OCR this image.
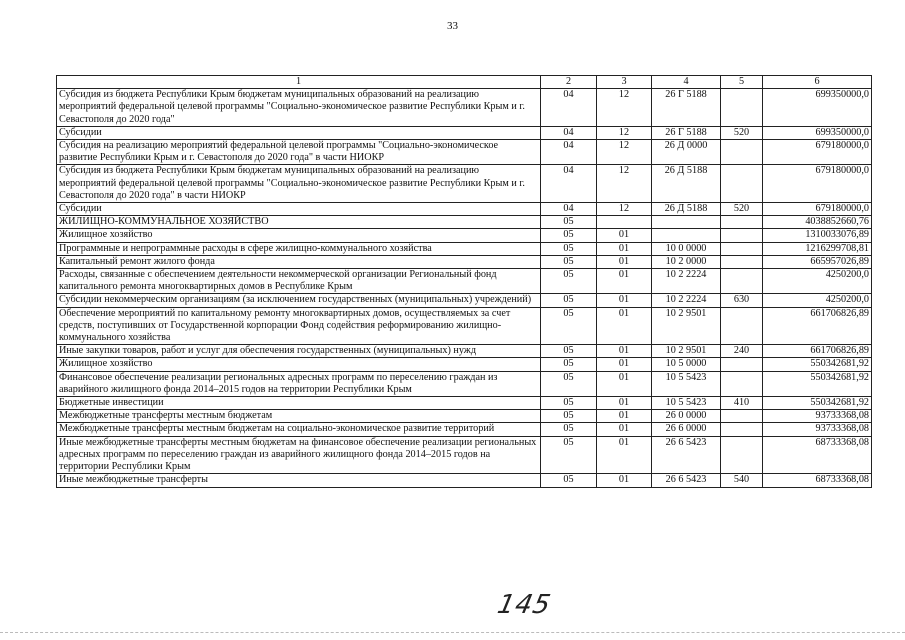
33
1	2	3	4	5	6
Субсидия из бюджета Республики Крым бюджетам муниципальных образований на реализацию мероприятий федеральной целевой программы "Социально-экономическое развитие Республики Крым и г. Севастополя до 2020 года"	04	12	26 Г 5188		699350000,0
Субсидии	04	12	26 Г 5188	520	699350000,0
Субсидия на реализацию мероприятий федеральной целевой программы "Социально-экономическое развитие Республики Крым и г. Севастополя до 2020 года" в части НИОКР	04	12	26 Д 0000		679180000,0
Субсидия из бюджета Республики Крым бюджетам муниципальных образований на реализацию мероприятий федеральной целевой программы "Социально-экономическое развитие Республики Крым и г. Севастополя до 2020 года" в части НИОКР	04	12	26 Д 5188		679180000,0
Субсидии	04	12	26 Д 5188	520	679180000,0
ЖИЛИЩНО-КОММУНАЛЬНОЕ ХОЗЯЙСТВО	05				4038852660,76
Жилищное хозяйство	05	01			1310033076,89
Программные и непрограммные расходы в сфере жилищно-коммунального хозяйства	05	01	10 0 0000		1216299708,81
Капитальный ремонт жилого фонда	05	01	10 2 0000		665957026,89
Расходы, связанные с обеспечением деятельности некоммерческой организации Региональный фонд капитального ремонта многоквартирных домов в Республике Крым	05	01	10 2 2224		4250200,0
Субсидии некоммерческим организациям (за исключением государственных (муниципальных) учреждений)	05	01	10 2 2224	630	4250200,0
Обеспечение мероприятий по капитальному ремонту многоквартирных домов, осуществляемых за счет средств, поступивших от Государственной корпорации Фонд содействия реформированию жилищно-коммунального хозяйства	05	01	10 2 9501		661706826,89
Иные закупки товаров, работ и услуг для обеспечения государственных (муниципальных) нужд	05	01	10 2 9501	240	661706826,89
Жилищное хозяйство	05	01	10 5 0000		550342681,92
Финансовое обеспечение реализации региональных адресных программ по переселению граждан из аварийного жилищного фонда 2014–2015 годов на территории Республики Крым	05	01	10 5 5423		550342681,92
Бюджетные инвестиции	05	01	10 5 5423	410	550342681,92
Межбюджетные трансферты местным бюджетам	05	01	26 0 0000		93733368,08
Межбюджетные трансферты местным бюджетам на социально-экономическое развитие территорий	05	01	26 6 0000		93733368,08
Иные межбюджетные трансферты местным бюджетам на финансовое обеспечение реализации региональных адресных программ по переселению граждан из аварийного жилищного фонда 2014–2015 годов на территории Республики Крым	05	01	26 6 5423		68733368,08
Иные межбюджетные трансферты	05	01	26 6 5423	540	68733368,08
145
